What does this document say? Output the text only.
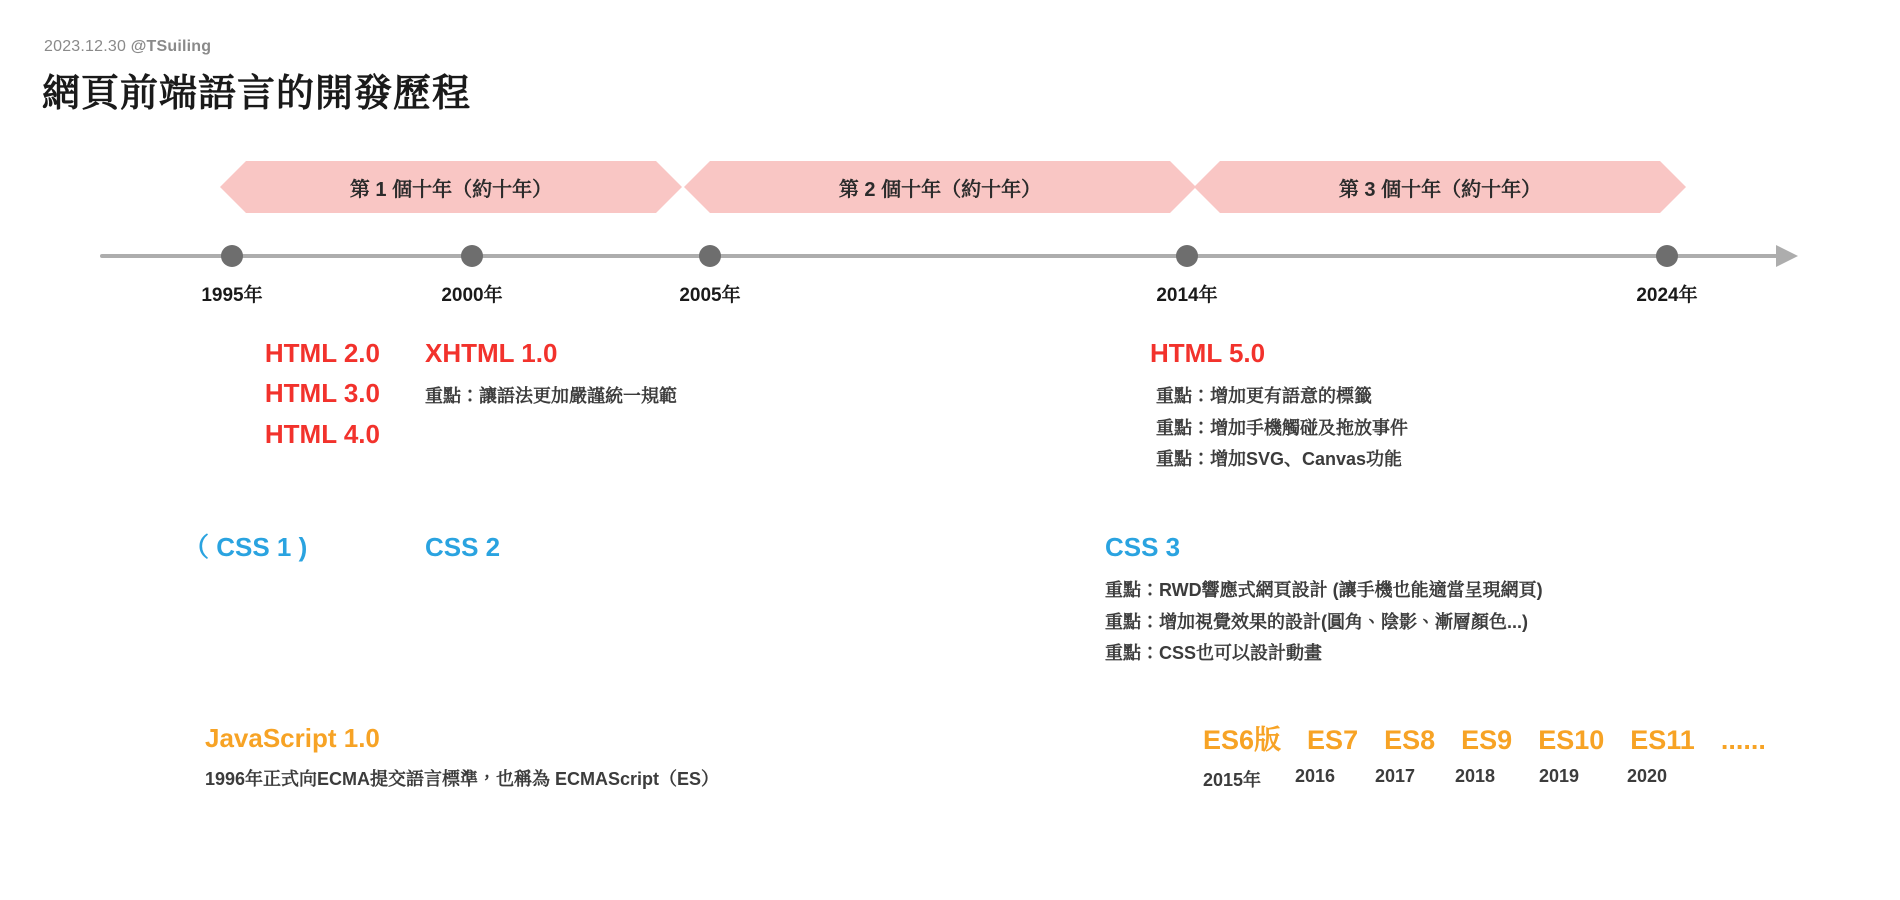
2023.12.30 @TSuiling
網頁前端語言的開發歷程
第 1 個十年（約十年）	第 2 個十年（約十年）	第 3 個十年（約十年）
1995年	2000年	2005年	2014年	2024年
HTML 2.0
HTML 3.0
HTML 4.0
XHTML 1.0
重點：讓語法更加嚴謹統一規範
HTML 5.0
重點：增加更有語意的標籤
重點：增加手機觸碰及拖放事件
重點：增加SVG、Canvas功能
（ CSS 1 )	CSS 2	CSS 3
重點：RWD響應式網頁設計 (讓手機也能適當呈現網頁)
重點：增加視覺效果的設計(圓角、陰影、漸層顏色...)
重點：CSS也可以設計動畫
JavaScript 1.0
1996年正式向ECMA提交語言標準，也稱為 ECMAScript（ES）
ES6版 ES7 ES8 ES9 ES10 ES11 ......
2015年	2016	2017	2018	2019	2020
